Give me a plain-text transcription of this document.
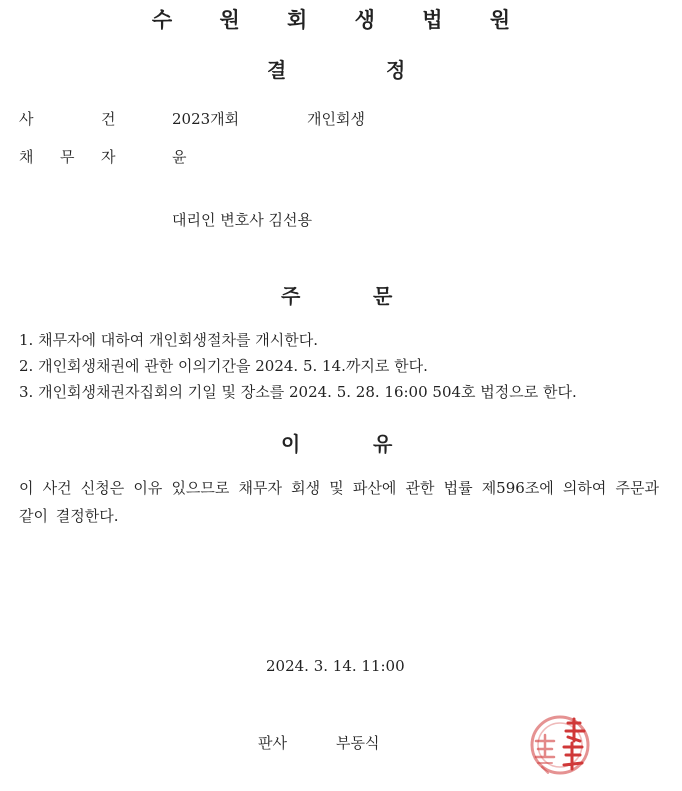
수 원 회 생 법 원
결	정
사	건	2023개회	개인회생
채 무 자	윤
대리인 변호사 김선용
주	문
1. 채무자에 대하여 개인회생절차를 개시한다.
2. 개인회생채권에 관한 이의기간을 2024. 5. 14.까지로 한다.
3. 개인회생채권자집회의 기일 및 장소를 2024. 5. 28. 16:00 504호 법정으로 한다.
이	유
이 사건 신청은 이유 있으므로 채무자 회생 및 파산에 관한 법률 제596조에 의하여 주문과 같이 결정한다.
2024. 3. 14. 11:00
판사	부동식
